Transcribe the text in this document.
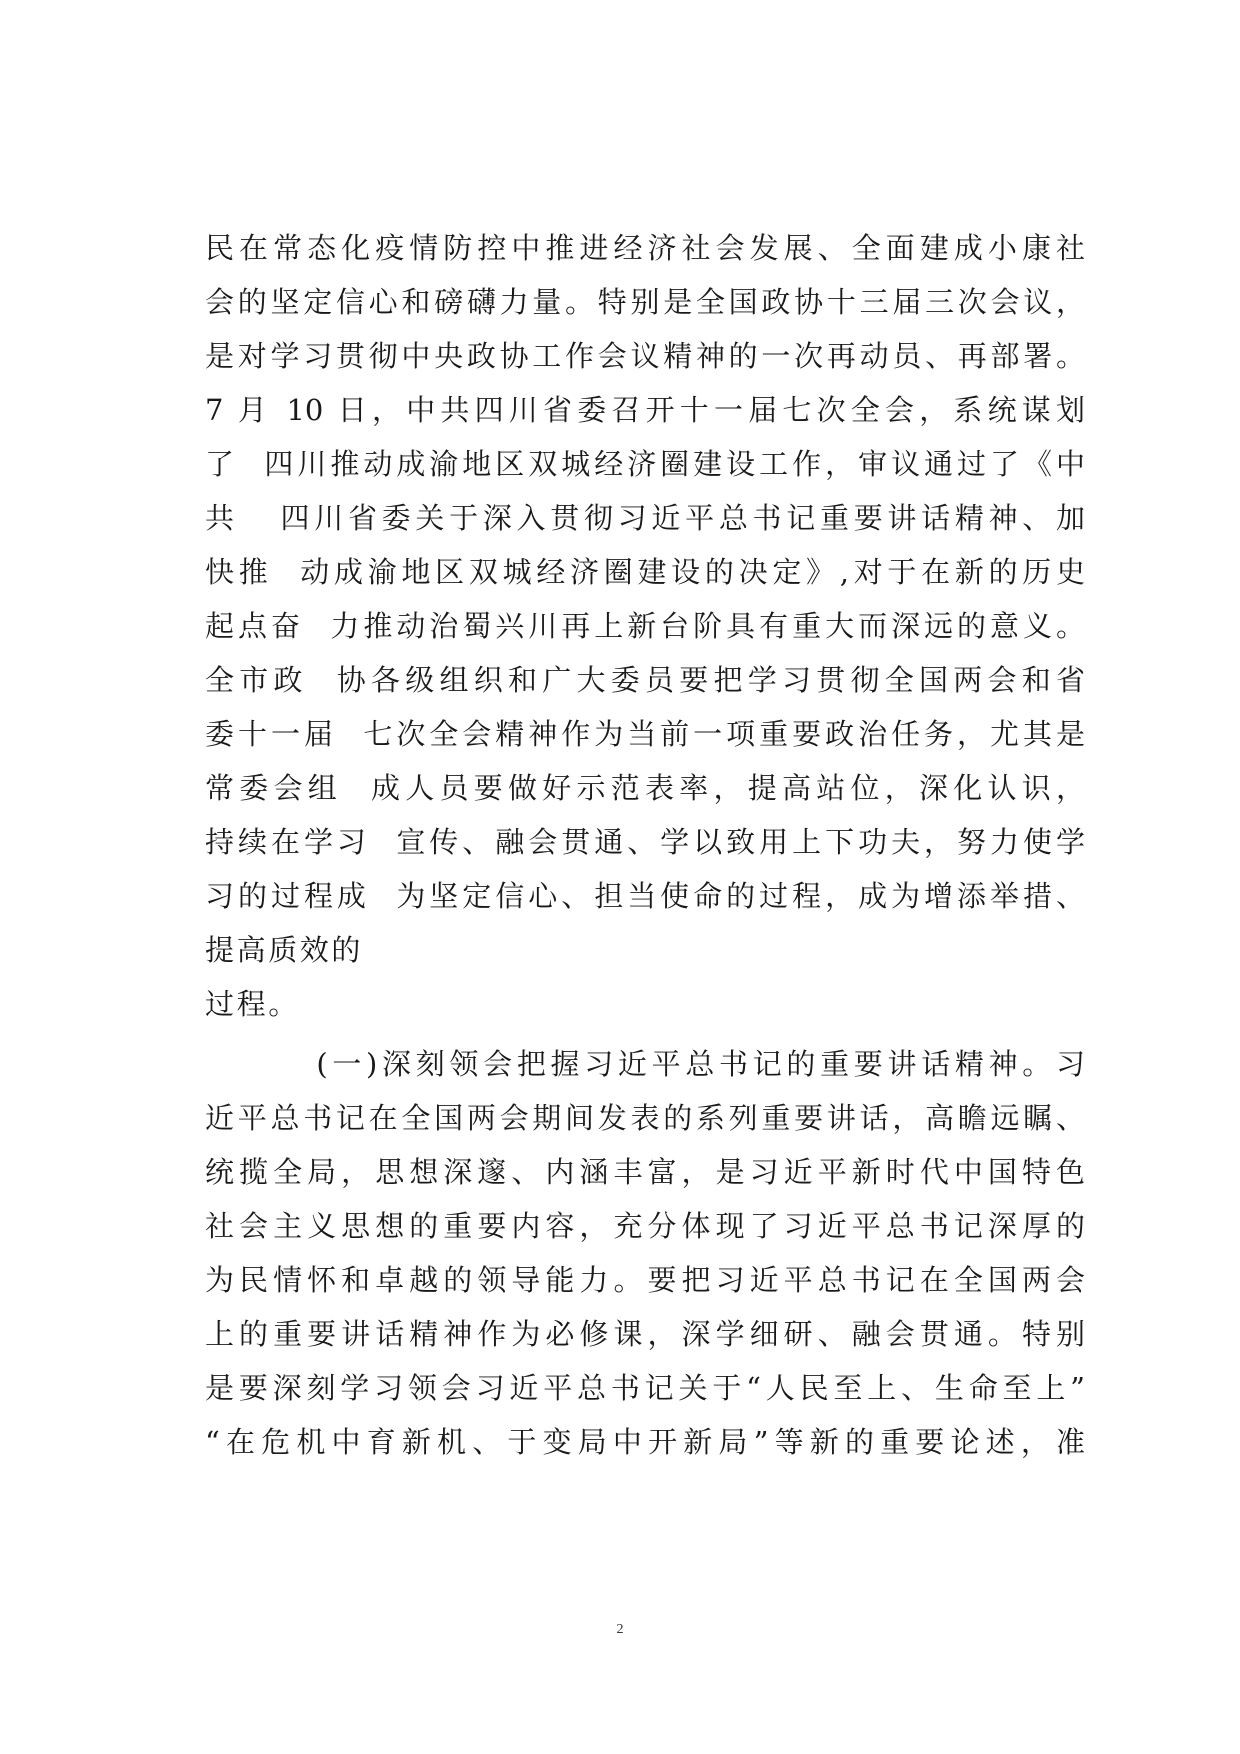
民在常态化疫情防控中推进经济社会发展、全面建成小康社
会的坚定信心和磅礴力量。特别是全国政协十三届三次会议，
是对学习贯彻中央政协工作会议精神的一次再动员、再部署。
7 月 10 日，中共四川省委召开十一届七次全会，系统谋划
了  四川推动成渝地区双城经济圈建设工作，审议通过了《中
共   四川省委关于深入贯彻习近平总书记重要讲话精神、加
快推  动成渝地区双城经济圈建设的决定》,对于在新的历史
起点奋  力推动治蜀兴川再上新台阶具有重大而深远的意义。
全市政  协各级组织和广大委员要把学习贯彻全国两会和省
委十一届  七次全会精神作为当前一项重要政治任务，尤其是
常委会组  成人员要做好示范表率，提高站位，深化认识，
持续在学习  宣传、融会贯通、学以致用上下功夫，努力使学
习的过程成  为坚定信心、担当使命的过程，成为增添举措、
提高质效的
过程。
(一)深刻领会把握习近平总书记的重要讲话精神。习
近平总书记在全国两会期间发表的系列重要讲话，高瞻远瞩、
统揽全局，思想深邃、内涵丰富，是习近平新时代中国特色
社会主义思想的重要内容，充分体现了习近平总书记深厚的
为民情怀和卓越的领导能力。要把习近平总书记在全国两会
上的重要讲话精神作为必修课，深学细研、融会贯通。特别
是要深刻学习领会习近平总书记关于“人民至上、生命至上”
“在危机中育新机、于变局中开新局”等新的重要论述，准
2
